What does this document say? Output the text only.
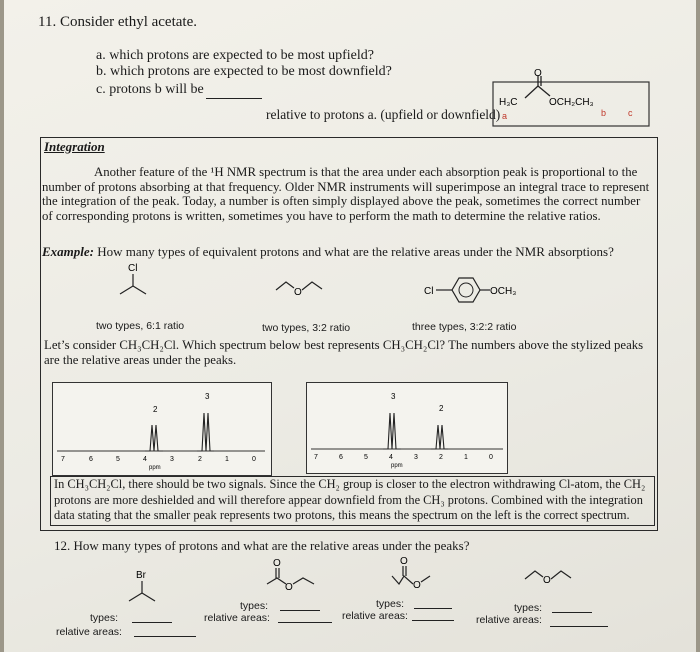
11. Consider ethyl acetate.
a. which protons are expected to be most upfield?
b. which protons are expected to be most downfield?
c. protons b will be
relative to protons a. (upfield or downfield)
O
H₃C	OCH₂CH₃
a	b c
Integration

Another feature of the ¹H NMR spectrum is that the area under each absorption peak is proportional to the number of protons absorbing at that frequency. Older NMR instruments will superimpose an integral trace to represent the integration of the peak. Today, a number is often simply displayed above the peak, sometimes the correct number of corresponding protons is written, sometimes you have to perform the math to determine the relative ratios.

Example: How many types of equivalent protons and what are the relative areas under the NMR absorptions?
Cl
O	Cl	OCH₃
two types, 6:1 ratio	two types, 3:2 ratio	three types, 3:2:2 ratio
Let’s consider CH₃CH₂Cl. Which spectrum below best represents CH₃CH₂Cl? The numbers above the stylized peaks are the relative areas under the peaks.
2
3
7	6	5	4	3	2	1	0
ppm
3
2
7	6	5	4	3	2	1	0
ppm
In CH₃CH₂Cl, there should be two signals. Since the CH₂ group is closer to the electron withdrawing Cl-atom, the CH₂ protons are more deshielded and will therefore appear downfield from the CH₃ protons. Combined with the integration data stating that the smaller peak represents two protons, this means the spectrum on the left is the correct spectrum.
12. How many types of protons and what are the relative areas under the peaks?
Br
O
O
O
O	O
types:
relative areas:
types:
relative areas:
types:
relative areas:
types:
relative areas:
